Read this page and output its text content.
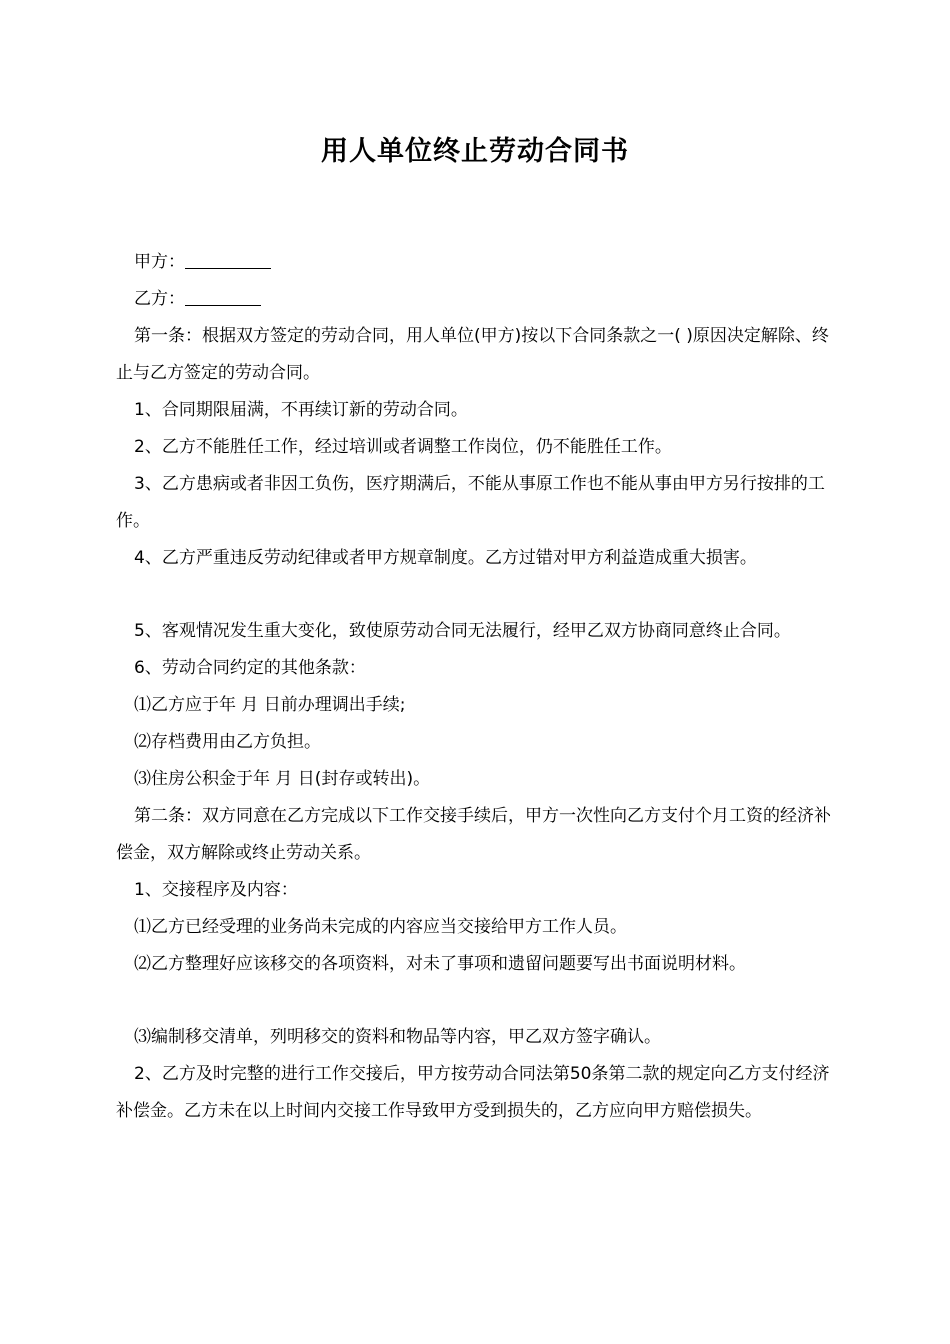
用人单位终止劳动合同书

甲方：

乙方：

第一条：根据双方签定的劳动合同，用人单位(甲方)按以下合同条款之一( )原因决定解除、终止与乙方签定的劳动合同。

1、合同期限届满，不再续订新的劳动合同。

2、乙方不能胜任工作，经过培训或者调整工作岗位，仍不能胜任工作。

3、乙方患病或者非因工负伤，医疗期满后，不能从事原工作也不能从事由甲方另行按排的工作。

4、乙方严重违反劳动纪律或者甲方规章制度。乙方过错对甲方利益造成重大损害。

5、客观情况发生重大变化，致使原劳动合同无法履行，经甲乙双方协商同意终止合同。

6、劳动合同约定的其他条款：

⑴乙方应于年 月 日前办理调出手续;

⑵存档费用由乙方负担。

⑶住房公积金于年 月 日(封存或转出)。

第二条：双方同意在乙方完成以下工作交接手续后，甲方一次性向乙方支付个月工资的经济补偿金，双方解除或终止劳动关系。

1、交接程序及内容：

⑴乙方已经受理的业务尚未完成的内容应当交接给甲方工作人员。

⑵乙方整理好应该移交的各项资料，对未了事项和遗留问题要写出书面说明材料。

⑶编制移交清单，列明移交的资料和物品等内容，甲乙双方签字确认。

2、乙方及时完整的进行工作交接后，甲方按劳动合同法第50条第二款的规定向乙方支付经济补偿金。乙方未在以上时间内交接工作导致甲方受到损失的，乙方应向甲方赔偿损失。
